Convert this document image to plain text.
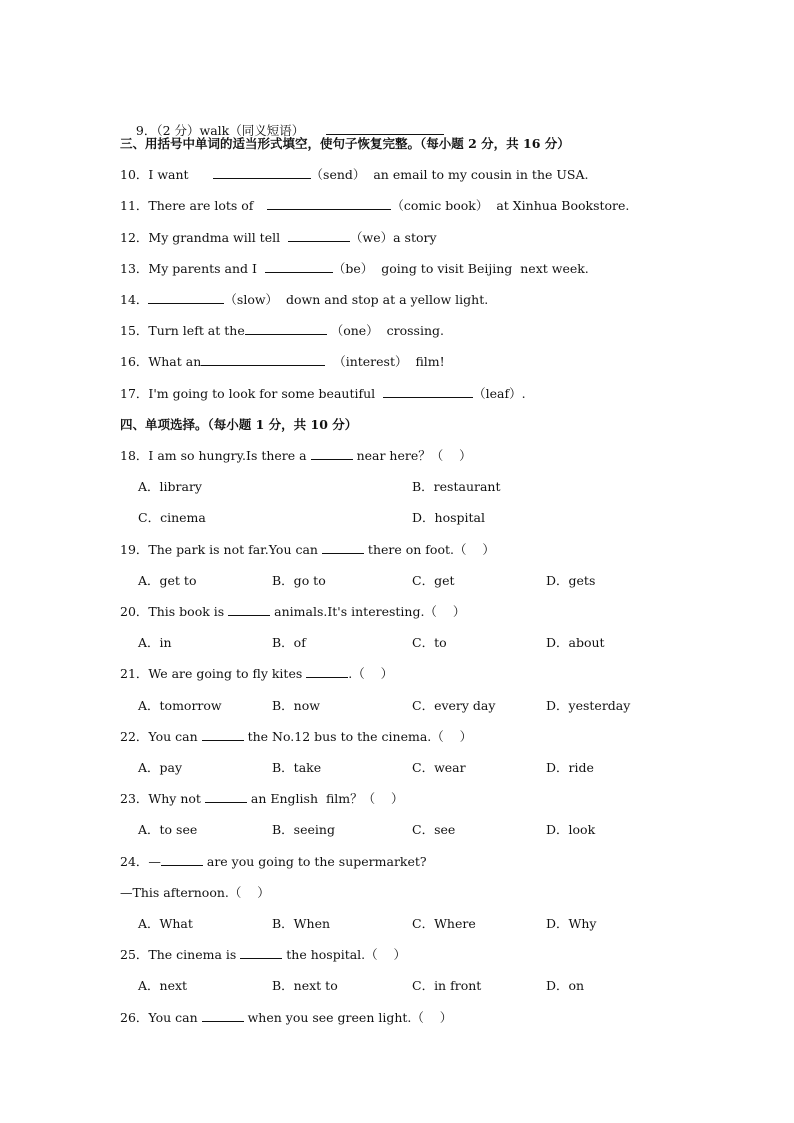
9．（2 分）walk（同义短语）

三、用括号中单词的适当形式填空，使句子恢复完整。（每小题 2 分，共 16 分）
10．I want	（send）  an email to my cousin in the USA.
11．There are lots of	（comic book）  at Xinhua Bookstore.
12．My grandma will tell	（we）a story
13．My parents and I	（be）  going to visit Beijing  next week.
14．	（slow）  down and stop at a yellow light.
15．Turn left at the	（one）  crossing.
16．What an	（interest）  film!
17．I'm going to look for some beautiful	（leaf）.
四、单项选择。（每小题 1 分，共 10 分）
18．I am so hungry.Is there a	near here？（    ）
A．library	B．restaurant
C．cinema	D．hospital
19．The park is not far.You can	there on foot.（    ）
A．get to	B．go to	C．get	D．gets
20．This book is	animals.It's interesting.（    ）
A．in	B．of	C．to	D．about
21．We are going to fly kites	.（    ）
A．tomorrow	B．now	C．every day	D．yesterday
22．You can	the No.12 bus to the cinema.（    ）
A．pay	B．take	C．wear	D．ride
23．Why not	an English  film？（    ）
A．to see	B．seeing	C．see	D．look
24．—	are you going to the supermarket?
—This afternoon.（    ）
A．What	B．When	C．Where	D．Why
25．The cinema is	the hospital.（    ）
A．next	B．next to	C．in front	D．on
26．You can	when you see green light.（    ）
